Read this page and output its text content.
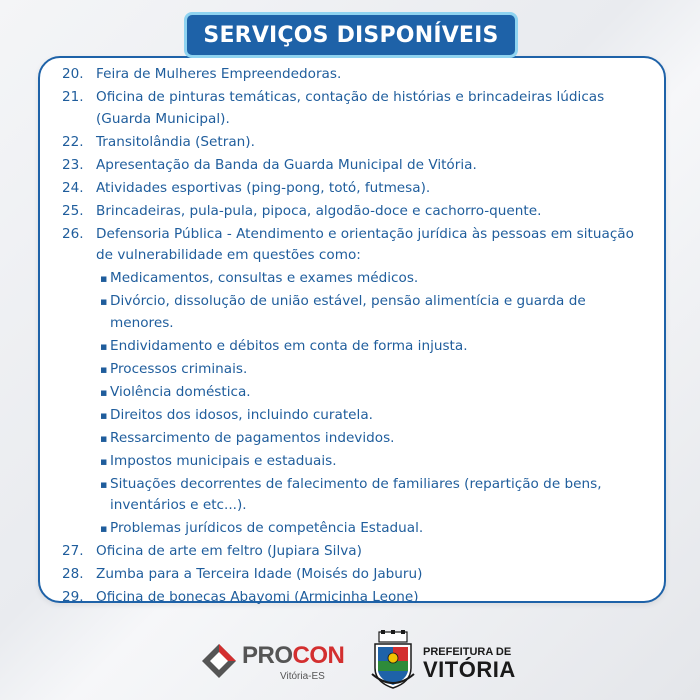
SERVIÇOS DISPONÍVEIS
20. Feira de Mulheres Empreendedoras.
21. Oficina de pinturas temáticas, contação de histórias e brincadeiras lúdicas (Guarda Municipal).
22. Transitolândia (Setran).
23. Apresentação da Banda da Guarda Municipal de Vitória.
24. Atividades esportivas (ping-pong, totó, futmesa).
25. Brincadeiras, pula-pula, pipoca, algodão-doce e cachorro-quente.
26. Defensoria Pública - Atendimento e orientação jurídica às pessoas em situação de vulnerabilidade em questões como:
▪ Medicamentos, consultas e exames médicos.
▪ Divórcio, dissolução de união estável, pensão alimentícia e guarda de menores.
▪ Endividamento e débitos em conta de forma injusta.
▪ Processos criminais.
▪ Violência doméstica.
▪ Direitos dos idosos, incluindo curatela.
▪ Ressarcimento de pagamentos indevidos.
▪ Impostos municipais e estaduais.
▪ Situações decorrentes de falecimento de familiares (repartição de bens, inventários e etc...).
▪ Problemas jurídicos de competência Estadual.
27. Oficina de arte em feltro (Jupiara Silva)
28. Zumba para a Terceira Idade (Moisés do Jaburu)
29. Oficina de bonecas Abayomi (Armicinha Leone)
PROCON
Vitória-ES
PREFEITURA DE
VITÓRIA
